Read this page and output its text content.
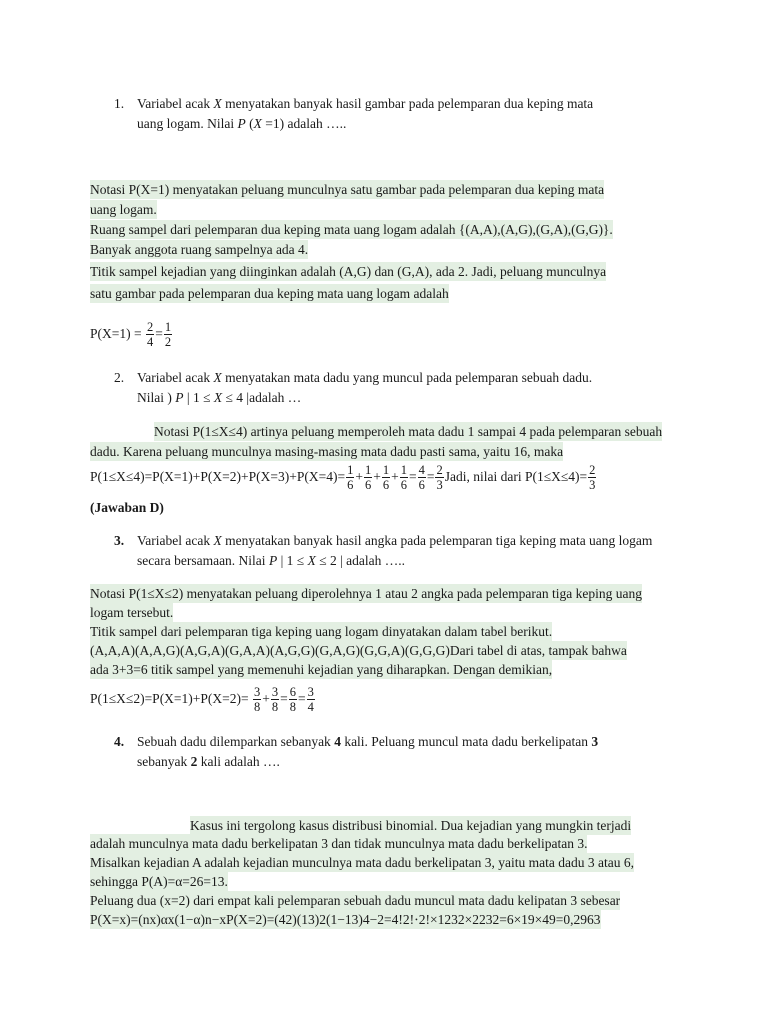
1. Variabel acak X menyatakan banyak hasil gambar pada pelemparan dua keping mata
uang logam. Nilai P (X =1) adalah …..
Notasi P(X=1) menyatakan peluang munculnya satu gambar pada pelemparan dua keping mata
uang logam.
Ruang sampel dari pelemparan dua keping mata uang logam adalah {(A,A),(A,G),(G,A),(G,G)}.
Banyak anggota ruang sampelnya ada 4.
Titik sampel kejadian yang diinginkan adalah (A,G) dan (G,A), ada 2. Jadi, peluang munculnya
satu gambar pada pelemparan dua keping mata uang logam adalah
$P(X=1) = \frac{2}{4} = \frac{1}{2}$
2. Variabel acak X menyatakan mata dadu yang muncul pada pelemparan sebuah dadu.
Nilai ) P | 1 ≤ X ≤ 4 |adalah …
Notasi P(1≤X≤4) artinya peluang memperoleh mata dadu 1 sampai 4 pada pelemparan sebuah
dadu. Karena peluang munculnya masing-masing mata dadu pasti sama, yaitu 16, maka
$P(1\le X\le 4)=P(X=1)+P(X=2)+P(X=3)+P(X=4)= \frac{1}{6} + \frac{1}{6} + \frac{1}{6} + \frac{1}{6} = \frac{4}{6} = \frac{2}{3}$ Jadi, nilai dari $P(1\le X\le 4)= \frac{2}{3}$
(Jawaban D)
3. Variabel acak X menyatakan banyak hasil angka pada pelemparan tiga keping mata uang logam
secara bersamaan. Nilai P | 1 ≤ X ≤ 2 | adalah …..
Notasi P(1≤X≤2) menyatakan peluang diperolehnya 1 atau 2 angka pada pelemparan tiga keping uang
logam tersebut.
Titik sampel dari pelemparan tiga keping uang logam dinyatakan dalam tabel berikut.
(A,A,A)(A,A,G)(A,G,A)(G,A,A)(A,G,G)(G,A,G)(G,G,A)(G,G,G)Dari tabel di atas, tampak bahwa
ada 3+3=6 titik sampel yang memenuhi kejadian yang diharapkan. Dengan demikian,
$P(1\le X\le 2)=P(X=1)+P(X=2)= \frac{3}{8} + \frac{3}{8} = \frac{6}{8} = \frac{3}{4}$
4. Sebuah dadu dilemparkan sebanyak 4 kali. Peluang muncul mata dadu berkelipatan 3
sebanyak 2 kali adalah ….
Kasus ini tergolong kasus distribusi binomial. Dua kejadian yang mungkin terjadi
adalah munculnya mata dadu berkelipatan 3 dan tidak munculnya mata dadu berkelipatan 3.
Misalkan kejadian A adalah kejadian munculnya mata dadu berkelipatan 3, yaitu mata dadu 3 atau 6,
sehingga P(A)=α=26=13.
Peluang dua (x=2) dari empat kali pelemparan sebuah dadu muncul mata dadu kelipatan 3 sebesar
P(X=x)=(nx)αx(1−α)n−xP(X=2)=(42)(13)2(1−13)4−2=4!2!⋅2!×1232×2232=6×19×49=0,2963
